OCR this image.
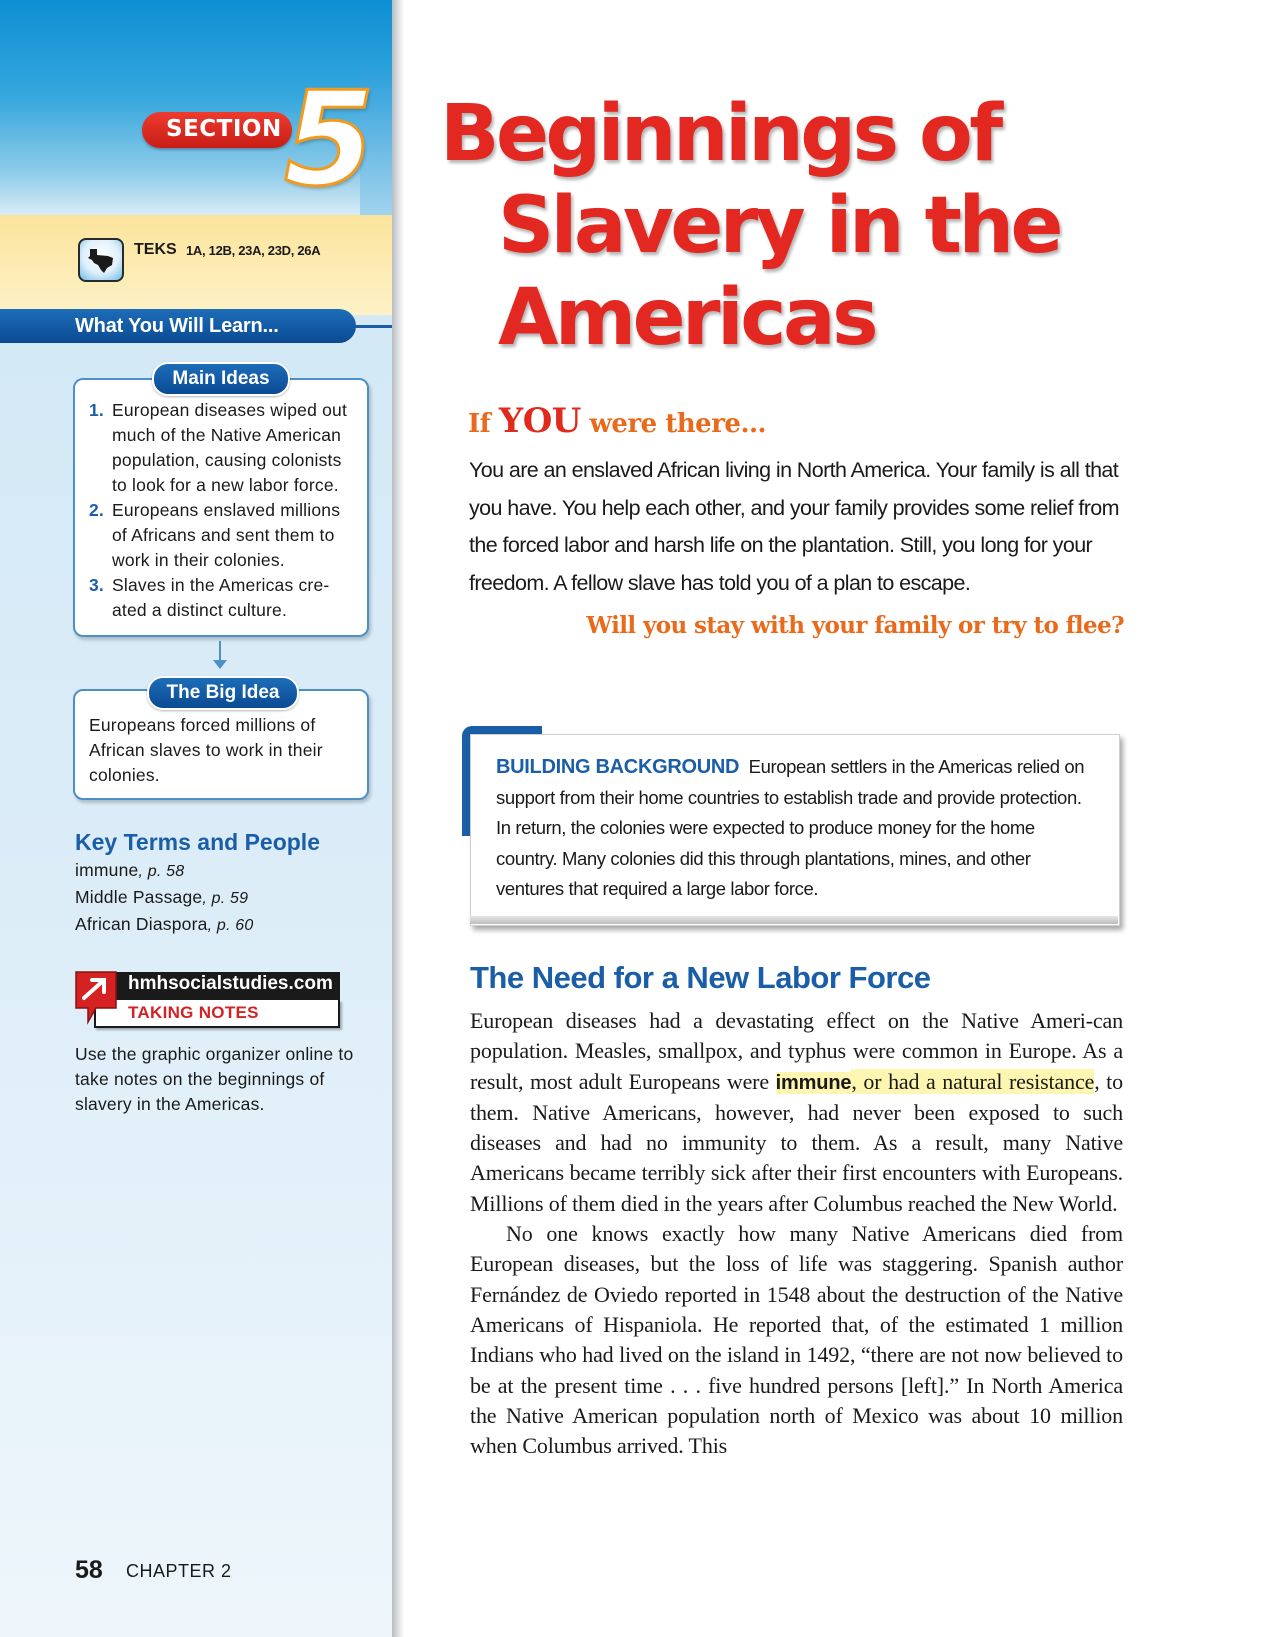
SECTION 5
TEKS 1A, 12B, 23A, 23D, 26A
What You Will Learn...
1. European diseases wiped out much of the Native American population, causing colonists to look for a new labor force.
2. Europeans enslaved millions of Africans and sent them to work in their colonies.
3. Slaves in the Americas cre-ated a distinct culture.
Main Ideas
Europeans forced millions of African slaves to work in their colonies.
The Big Idea
Key Terms and People
immune, p. 58
Middle Passage, p. 59
African Diaspora, p. 60
hmhsocialstudies.com
TAKING NOTES
Use the graphic organizer online to take notes on the beginnings of slavery in the Americas.
58 CHAPTER 2
Beginnings of
Slavery in the
Americas
If YOU were there...
You are an enslaved African living in North America. Your family is all that you have. You help each other, and your family provides some relief from the forced labor and harsh life on the plantation. Still, you long for your freedom. A fellow slave has told you of a plan to escape.
Will you stay with your family or try to flee?
BUILDING BACKGROUND European settlers in the Americas relied on support from their home countries to establish trade and provide protection. In return, the colonies were expected to produce money for the home country. Many colonies did this through plantations, mines, and other ventures that required a large labor force.
The Need for a New Labor Force

European diseases had a devastating effect on the Native Ameri-can population. Measles, smallpox, and typhus were common in Europe. As a result, most adult Europeans were immune, or had a natural resistance, to them. Native Americans, however, had never been exposed to such diseases and had no immunity to them. As a result, many Native Americans became terribly sick after their first encounters with Europeans. Millions of them died in the years after Columbus reached the New World.

No one knows exactly how many Native Americans died from European diseases, but the loss of life was staggering. Spanish author Fernández de Oviedo reported in 1548 about the destruction of the Native Americans of Hispaniola. He reported that, of the estimated 1 million Indians who had lived on the island in 1492, “there are not now believed to be at the present time . . . five hundred persons [left].” In North America the Native American population north of Mexico was about 10 million when Columbus arrived. This
